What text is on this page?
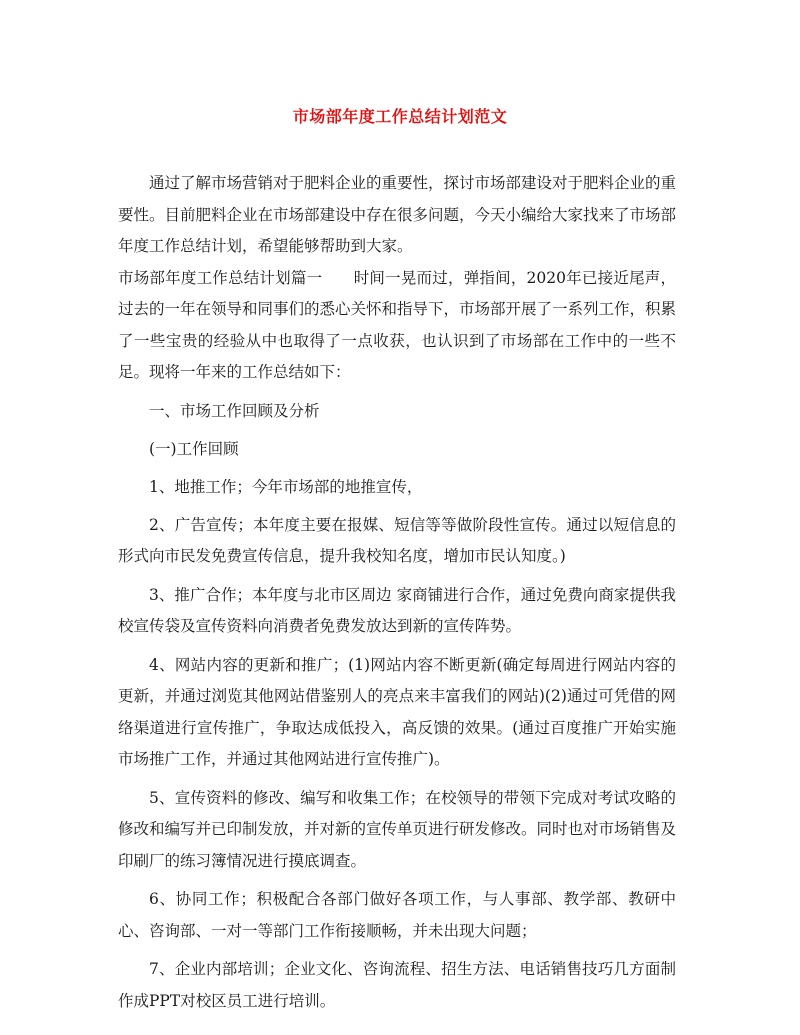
市场部年度工作总结计划范文

通过了解市场营销对于肥料企业的重要性，探讨市场部建设对于肥料企业的重要性。目前肥料企业在市场部建设中存在很多问题，今天小编给大家找来了市场部年度工作总结计划，希望能够帮助到大家。

市场部年度工作总结计划篇一　　时间一晃而过，弹指间，2020年已接近尾声，过去的一年在领导和同事们的悉心关怀和指导下，市场部开展了一系列工作，积累了一些宝贵的经验从中也取得了一点收获，也认识到了市场部在工作中的一些不足。现将一年来的工作总结如下：

一、市场工作回顾及分析

(一)工作回顾

1、地推工作；今年市场部的地推宣传，

2、广告宣传；本年度主要在报媒、短信等等做阶段性宣传。通过以短信息的形式向市民发免费宣传信息，提升我校知名度，增加市民认知度。)

3、推广合作；本年度与北市区周边 家商铺进行合作，通过免费向商家提供我校宣传袋及宣传资料向消费者免费发放达到新的宣传阵势。

4、网站内容的更新和推广；(1)网站内容不断更新(确定每周进行网站内容的更新，并通过浏览其他网站借鉴别人的亮点来丰富我们的网站)(2)通过可凭借的网络渠道进行宣传推广，争取达成低投入，高反馈的效果。(通过百度推广开始实施市场推广工作，并通过其他网站进行宣传推广)。

5、宣传资料的修改、编写和收集工作；在校领导的带领下完成对考试攻略的修改和编写并已印制发放，并对新的宣传单页进行研发修改。同时也对市场销售及印刷厂的练习簿情况进行摸底调查。

6、协同工作；积极配合各部门做好各项工作，与人事部、教学部、教研中心、咨询部、一对一等部门工作衔接顺畅，并未出现大问题；

7、企业内部培训；企业文化、咨询流程、招生方法、电话销售技巧几方面制作成PPT对校区员工进行培训。
